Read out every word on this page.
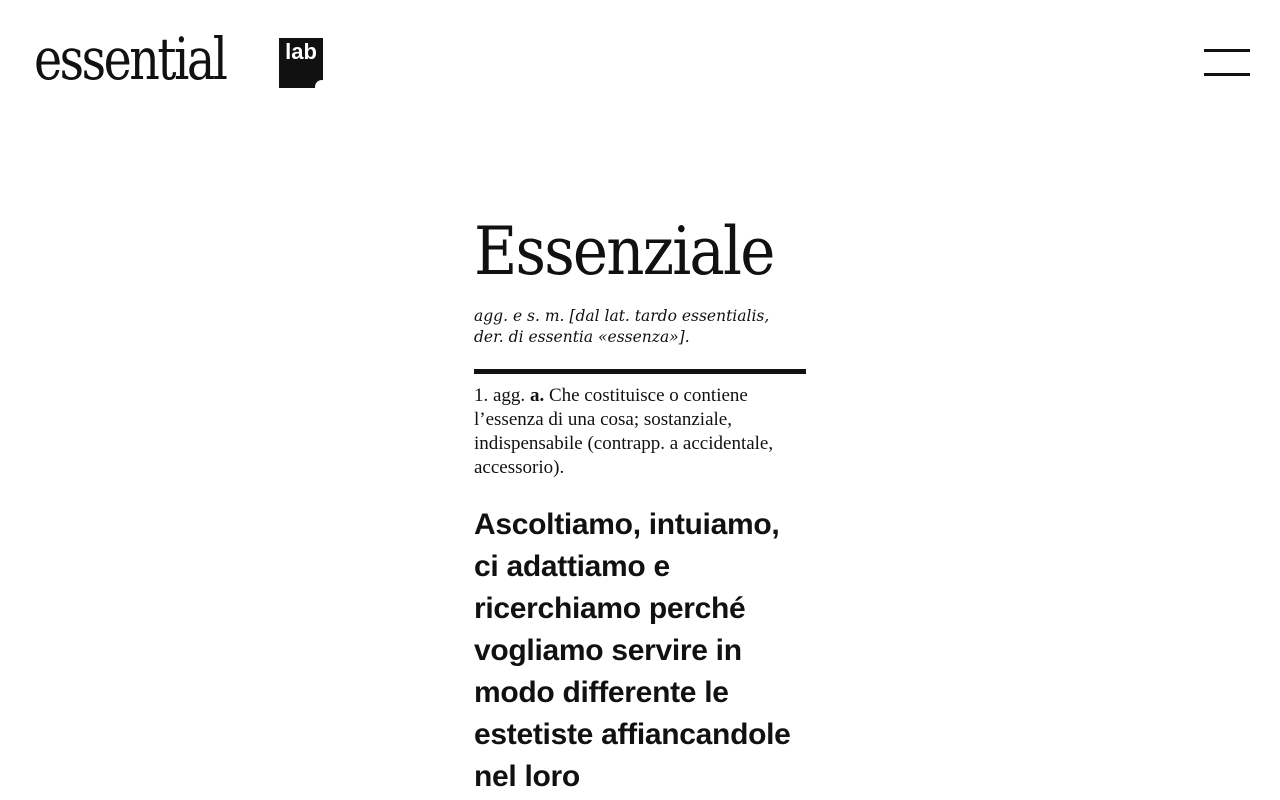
essential	lab
Essenziale
agg. e s. m. [dal lat. tardo essentialis,
der. di essentia «essenza»].
1. agg. a. Che costituisce o contiene l’essenza di una cosa; sostanziale, indispensabile (contrapp. a accidentale, accessorio).
Ascoltiamo, intuiamo, ci adattiamo e ricerchiamo perché vogliamo servire in modo differente le estetiste affiancandole nel loro
